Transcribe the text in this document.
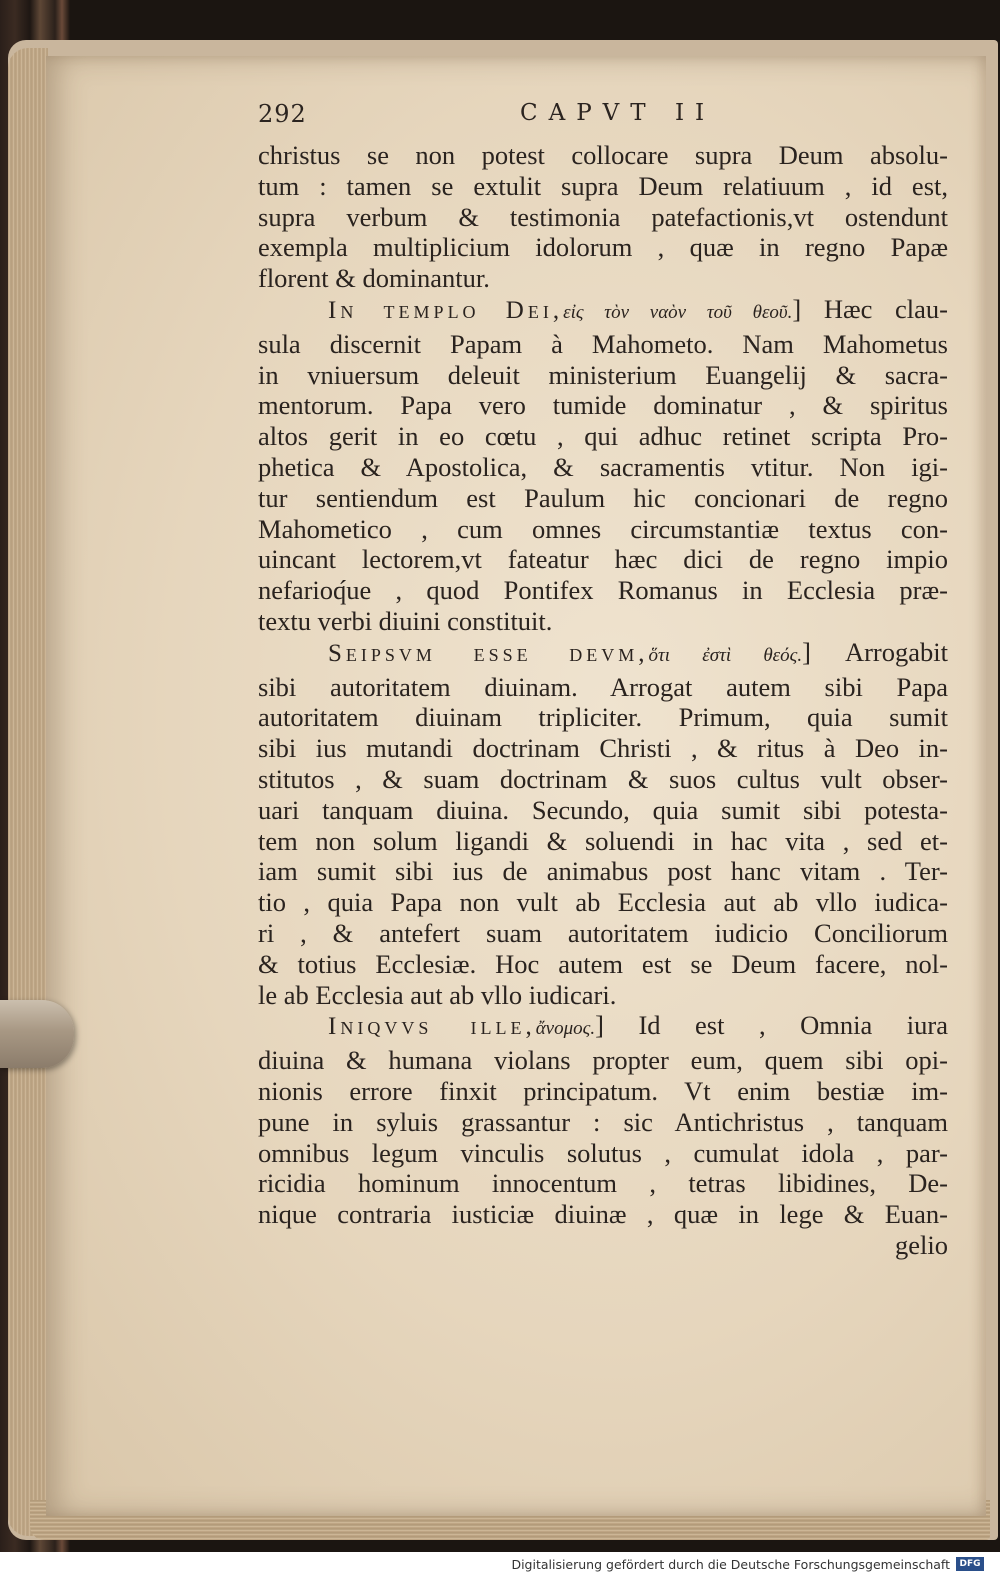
292	CAPVT II
christus se non potest collocare supra Deum absolu-
tum : tamen se extulit supra Deum relatiuum , id est,
supra verbum & testimonia patefactionis,vt ostendunt
exempla multiplicium idolorum , quæ in regno Papæ
florent & dominantur.
In templo Dei,εἰς τὸν ναὸν τοῦ θεοῦ.] Hæc clau-
sula discernit Papam à Mahometo. Nam Mahometus
in vniuersum deleuit ministerium Euangelij & sacra-
mentorum. Papa vero tumide dominatur , & spiritus
altos gerit in eo cœtu , qui adhuc retinet scripta Pro-
phetica & Apostolica, & sacramentis vtitur. Non igi-
tur sentiendum est Paulum hic concionari de regno
Mahometico , cum omnes circumstantiæ textus con-
uincant lectorem,vt fateatur hæc dici de regno impio
nefarioq́ue , quod Pontifex Romanus in Ecclesia præ-
textu verbi diuini constituit.
Seipsvm esse devm,ὅτι ἐστὶ θεός.] Arrogabit
sibi autoritatem diuinam. Arrogat autem sibi Papa
autoritatem diuinam tripliciter. Primum, quia sumit
sibi ius mutandi doctrinam Christi , & ritus à Deo in-
stitutos , & suam doctrinam & suos cultus vult obser-
uari tanquam diuina. Secundo, quia sumit sibi potesta-
tem non solum ligandi & soluendi in hac vita , sed et-
iam sumit sibi ius de animabus post hanc vitam . Ter-
tio , quia Papa non vult ab Ecclesia aut ab vllo iudica-
ri , & antefert suam autoritatem iudicio Conciliorum
& totius Ecclesiæ. Hoc autem est se Deum facere, nol-
le ab Ecclesia aut ab vllo iudicari.
Iniqvvs ille,ἄνομος.] Id est , Omnia iura
diuina & humana violans propter eum, quem sibi opi-
nionis errore finxit principatum. Vt enim bestiæ im-
pune in syluis grassantur : sic Antichristus , tanquam
omnibus legum vinculis solutus , cumulat idola , par-
ricidia hominum innocentum , tetras libidines, De-
nique contraria iusticiæ diuinæ , quæ in lege & Euan-
gelio
Digitalisierung gefördert durch die Deutsche Forschungsgemeinschaft	DFG
